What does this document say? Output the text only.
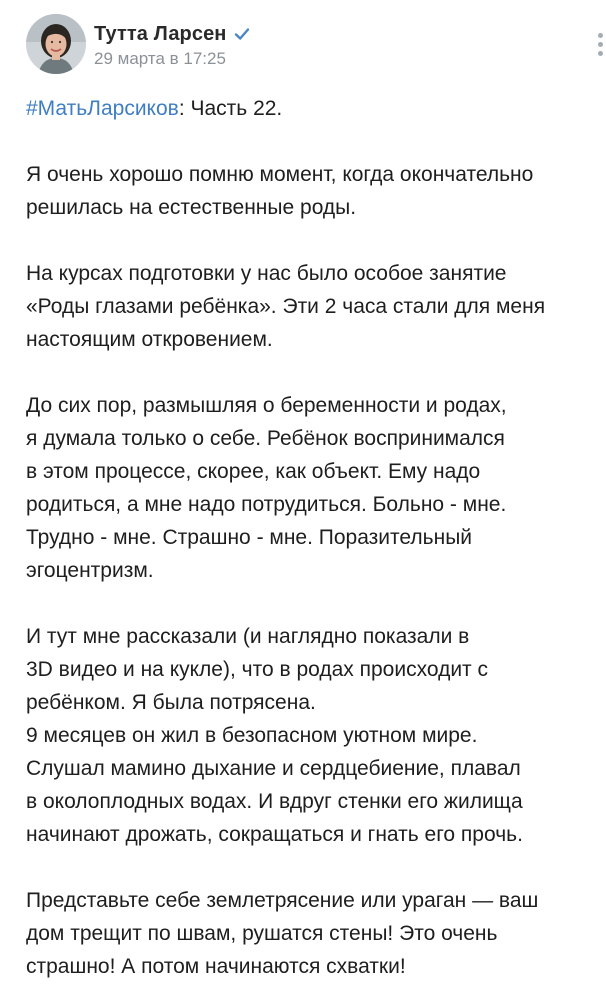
Тутта Ларсен
29 марта в 17:25

#МатьЛарсиков: Часть 22.

Я очень хорошо помню момент, когда окончательно
решилась на естественные роды.

На курсах подготовки у нас было особое занятие
«Роды глазами ребёнка». Эти 2 часа стали для меня
настоящим откровением.

До сих пор, размышляя о беременности и родах,
я думала только о себе. Ребёнок воспринимался
в этом процессе, скорее, как объект. Ему надо
родиться, а мне надо потрудиться. Больно - мне.
Трудно - мне. Страшно - мне. Поразительный
эгоцентризм.

И тут мне рассказали (и наглядно показали в
3D видео и на кукле), что в родах происходит с
ребёнком. Я была потрясена.
9 месяцев он жил в безопасном уютном мире.
Слушал мамино дыхание и сердцебиение, плавал
в околоплодных водах. И вдруг стенки его жилища
начинают дрожать, сокращаться и гнать его прочь.

Представьте себе землетрясение или ураган — ваш
дом трещит по швам, рушатся стены! Это очень
страшно! А потом начинаются схватки!
